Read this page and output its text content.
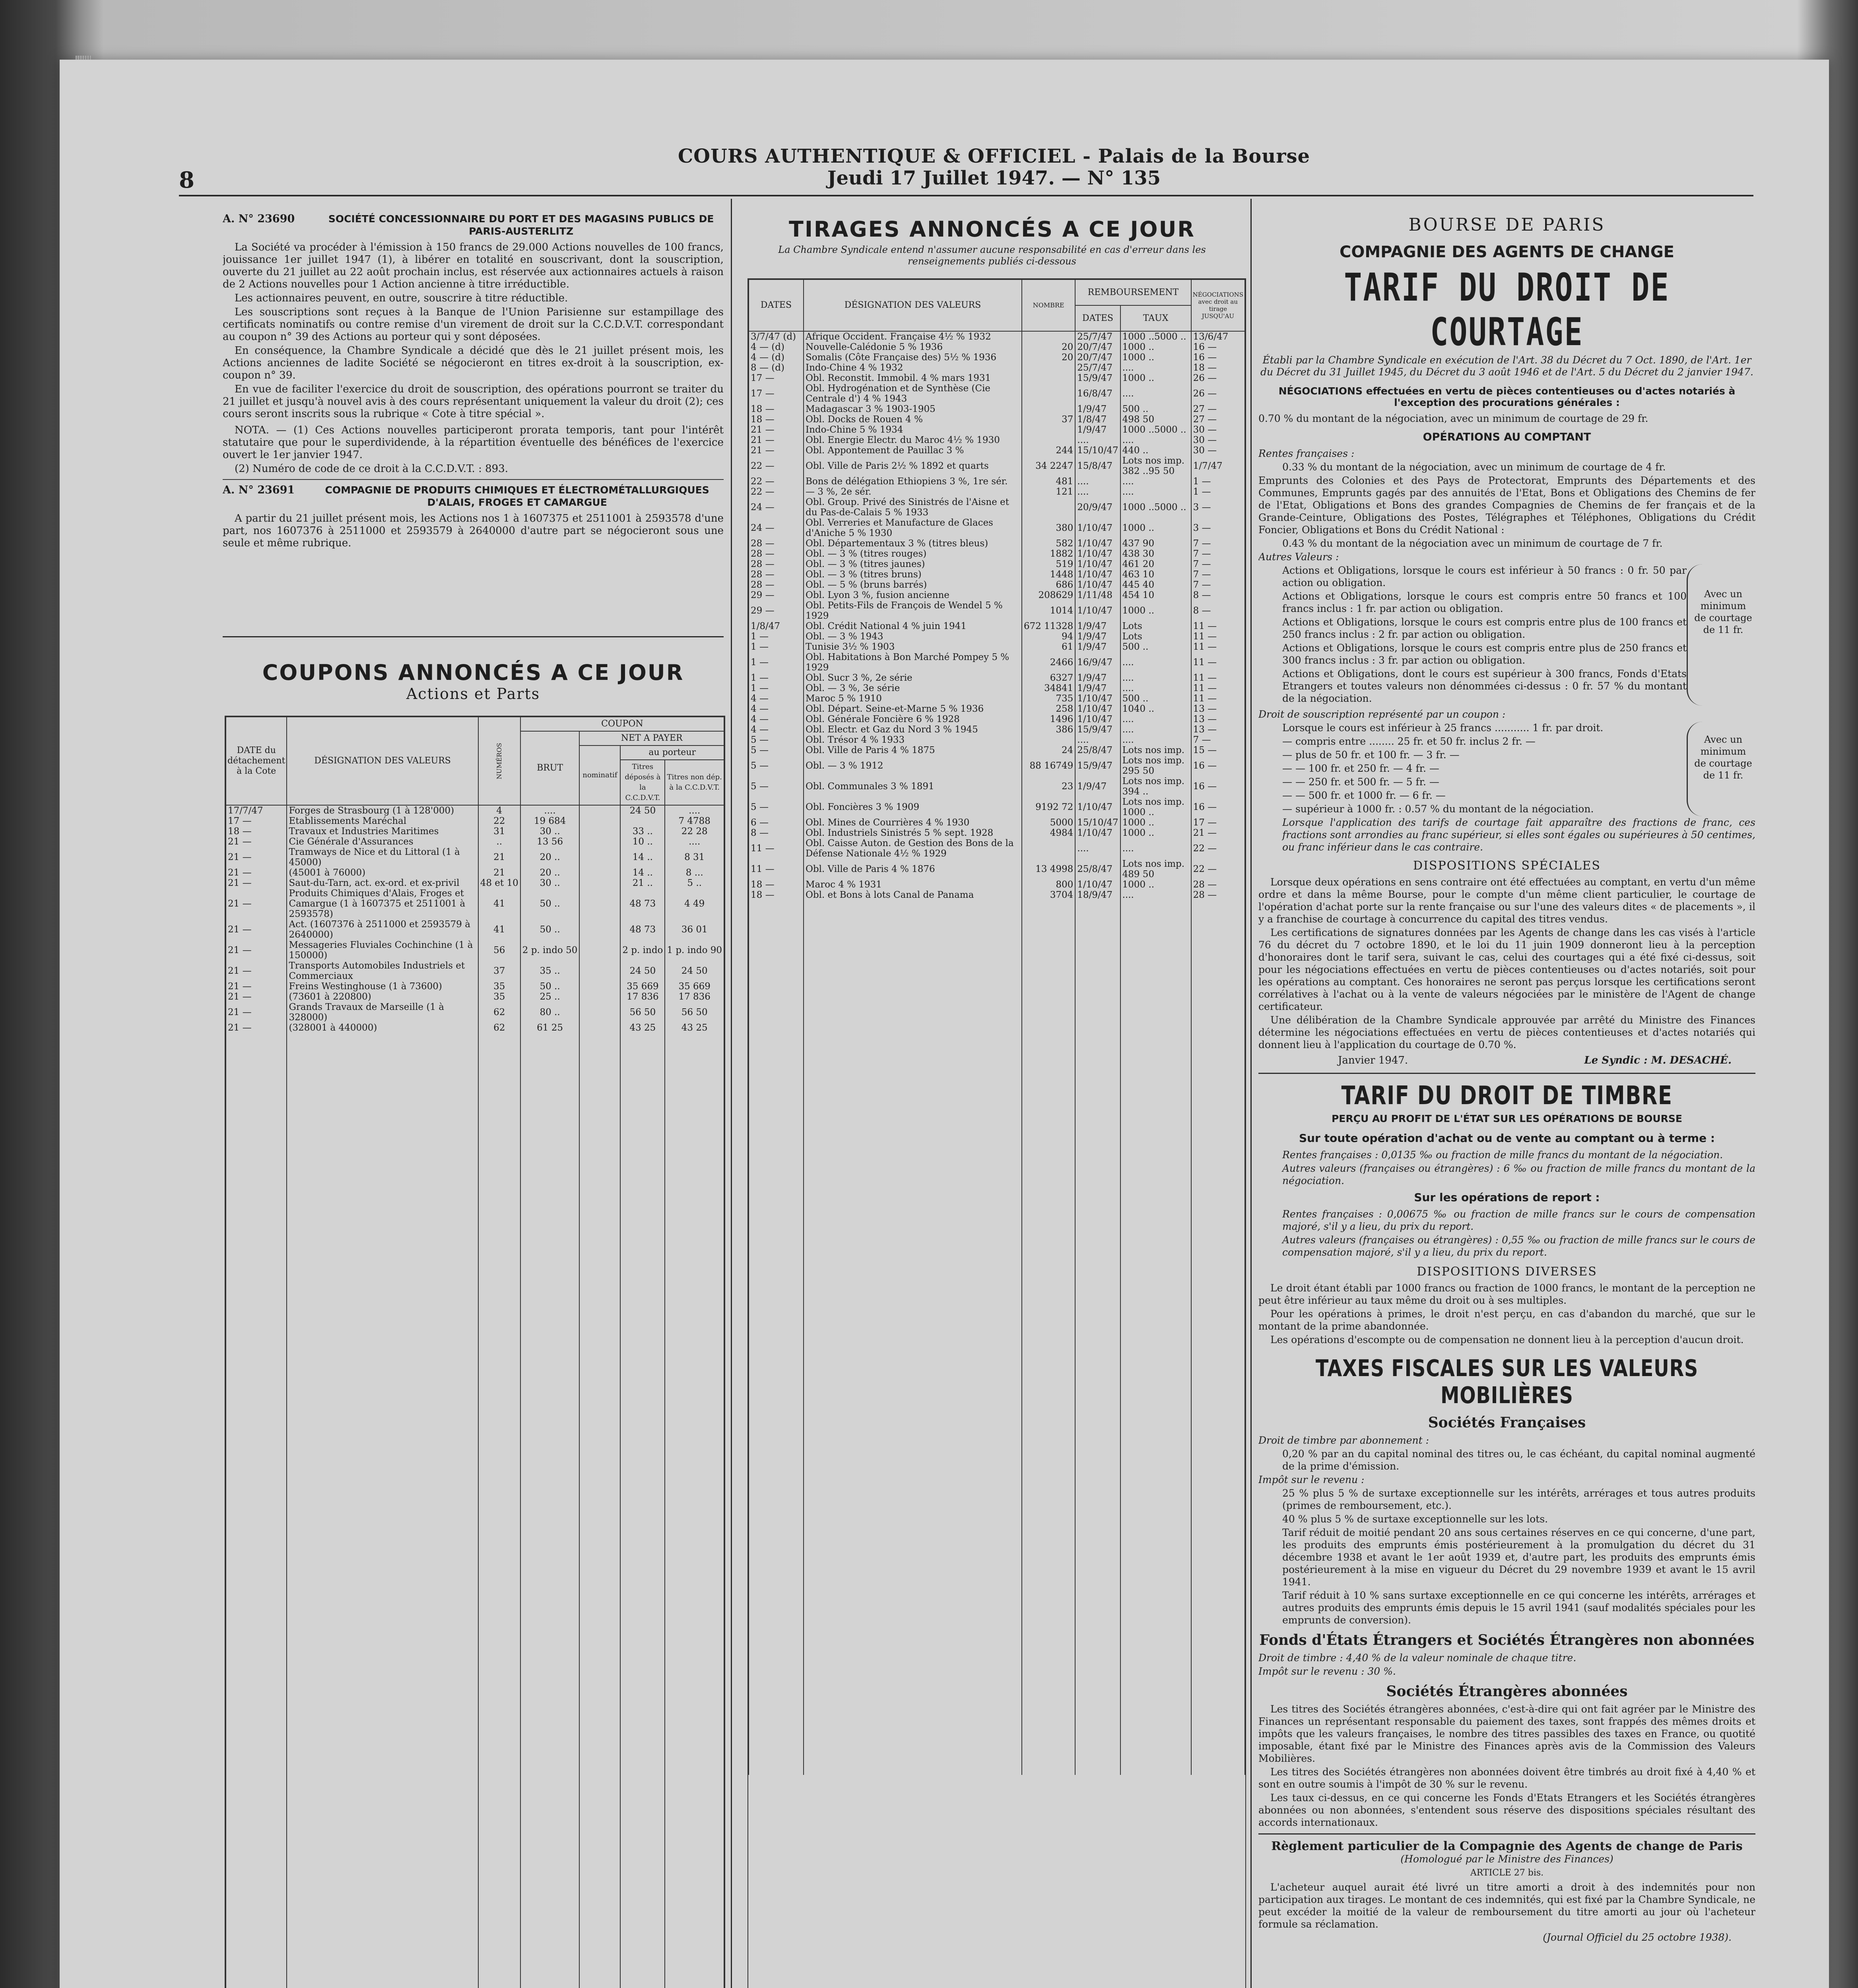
8
COURS AUTHENTIQUE & OFFICIEL - Palais de la Bourse
Jeudi 17 Juillet 1947. — N° 135
A. N° 23690	SOCIÉTÉ CONCESSIONNAIRE DU PORT ET DES MAGASINS PUBLICS DE PARIS-AUSTERLITZ

La Société va procéder à l'émission à 150 francs de 29.000 Actions nouvelles de 100 francs, jouissance 1er juillet 1947 (1), à libérer en totalité en souscrivant, dont la souscription, ouverte du 21 juillet au 22 août prochain inclus, est réservée aux actionnaires actuels à raison de 2 Actions nouvelles pour 1 Action ancienne à titre irréductible.

Les actionnaires peuvent, en outre, souscrire à titre réductible.

Les souscriptions sont reçues à la Banque de l'Union Parisienne sur estampillage des certificats nominatifs ou contre remise d'un virement de droit sur la C.C.D.V.T. correspondant au coupon n° 39 des Actions au porteur qui y sont déposées.

En conséquence, la Chambre Syndicale a décidé que dès le 21 juillet présent mois, les Actions anciennes de ladite Société se négocieront en titres ex-droit à la souscription, ex-coupon n° 39.

En vue de faciliter l'exercice du droit de souscription, des opérations pourront se traiter du 21 juillet et jusqu'à nouvel avis à des cours représentant uniquement la valeur du droit (2); ces cours seront inscrits sous la rubrique « Cote à titre spécial ».

NOTA. — (1) Ces Actions nouvelles participeront prorata temporis, tant pour l'intérêt statutaire que pour le superdividende, à la répartition éventuelle des bénéfices de l'exercice ouvert le 1er janvier 1947.

(2) Numéro de code de ce droit à la C.C.D.V.T. : 893.

A. N° 23691	COMPAGNIE DE PRODUITS CHIMIQUES ET ÉLECTROMÉTALLURGIQUES D'ALAIS, FROGES ET CAMARGUE

A partir du 21 juillet présent mois, les Actions nos 1 à 1607375 et 2511001 à 2593578 d'une part, nos 1607376 à 2511000 et 2593579 à 2640000 d'autre part se négocieront sous une seule et même rubrique.

COUPONS ANNONCÉS A CE JOUR
Actions et Parts
DATE du détachement à la Cote	DÉSIGNATION DES VALEURS	NUMÉROS	COUPON			
			BRUT	NET A PAYER		
				nominatif	au porteur	
					Titres déposés à la C.C.D.V.T.	Titres non dép. à la C.C.D.V.T.
17/7/47	Forges de Strasbourg (1 à 128'000)	4	....		24 50	....
17 —	Etablissements Maréchal	22	19 684			7 4788
18 —	Travaux et Industries Maritimes	31	30 ..		33 ..	22 28
21 —	Cie Générale d'Assurances	..	13 56		10 ..	....
21 —	Tramways de Nice et du Littoral (1 à 45000)	21	20 ..		14 ..	8 31
21 —	(45001 à 76000)	21	20 ..		14 ..	8 ...
21 —	Saut-du-Tarn, act. ex-ord. et ex-privil	48 et 10	30 ..		21 ..	5 ..
21 —	Produits Chimiques d'Alais, Froges et Camargue (1 à 1607375 et 2511001 à 2593578)	41	50 ..		48 73	4 49
21 —	Act. (1607376 à 2511000 et 2593579 à 2640000)	41	50 ..		48 73	36 01
21 —	Messageries Fluviales Cochinchine (1 à 150000)	56	2 p. indo 50		2 p. indo	1 p. indo 90
21 —	Transports Automobiles Industriels et Commerciaux	37	35 ..		24 50	24 50
21 —	Freins Westinghouse (1 à 73600)	35	50 ..		35 669	35 669
21 —	(73601 à 220800)	35	25 ..		17 836	17 836
21 —	Grands Travaux de Marseille (1 à 328000)	62	80 ..		56 50	56 50
21 —	(328001 à 440000)	62	61 25		43 25	43 25

TIRAGES ANNONCÉS A CE JOUR
La Chambre Syndicale entend n'assumer aucune responsabilité en cas d'erreur dans les renseignements publiés ci-dessous
DATES	DÉSIGNATION DES VALEURS	NOMBRE	REMBOURSEMENT		NÉGOCIATIONS avec droit au tirage JUSQU'AU
			DATES	TAUX	
3/7/47 (d)	Afrique Occident. Française 4½ % 1932		25/7/47	1000 ..5000 ..	13/6/47
4 — (d)	Nouvelle-Calédonie 5 % 1936	20	20/7/47	1000 ..	16 —
4 — (d)	Somalis (Côte Française des) 5½ % 1936	20	20/7/47	1000 ..	16 —
8 — (d)	Indo-Chine 4 % 1932		25/7/47	....	18 —
17 —	Obl. Reconstit. Immobil. 4 % mars 1931		15/9/47	1000 ..	26 —
17 —	Obl. Hydrogénation et de Synthèse (Cie Centrale d') 4 % 1943		16/8/47	....	26 —
18 —	Madagascar 3 % 1903-1905		1/9/47	500 ..	27 —
18 —	Obl. Docks de Rouen 4 %	37	1/8/47	498 50	27 —
21 —	Indo-Chine 5 % 1934		1/9/47	1000 ..5000 ..	30 —
21 —	Obl. Energie Electr. du Maroc 4½ % 1930		....	....	30 —
21 —	Obl. Appontement de Pauillac 3 %	244	15/10/47	440 ..	30 —
22 —	Obl. Ville de Paris 2½ % 1892 et quarts	34 2247	15/8/47	Lots nos imp. 382 ..95 50	1/7/47
22 —	Bons de délégation Ethiopiens 3 %, 1re sér.	481	....	....	1 —
22 —	— 3 %, 2e sér.	121	....	....	1 —
24 —	Obl. Group. Privé des Sinistrés de l'Aisne et du Pas-de-Calais 5 % 1933		20/9/47	1000 ..5000 ..	3 —
24 —	Obl. Verreries et Manufacture de Glaces d'Aniche 5 % 1930	380	1/10/47	1000 ..	3 —
28 —	Obl. Départementaux 3 % (titres bleus)	582	1/10/47	437 90	7 —
28 —	Obl. — 3 % (titres rouges)	1882	1/10/47	438 30	7 —
28 —	Obl. — 3 % (titres jaunes)	519	1/10/47	461 20	7 —
28 —	Obl. — 3 % (titres bruns)	1448	1/10/47	463 10	7 —
28 —	Obl. — 5 % (bruns barrés)	686	1/10/47	445 40	7 —
29 —	Obl. Lyon 3 %, fusion ancienne	208629	1/11/48	454 10	8 —
29 —	Obl. Petits-Fils de François de Wendel 5 % 1929	1014	1/10/47	1000 ..	8 —
1/8/47	Obl. Crédit National 4 % juin 1941	672 11328	1/9/47	Lots	11 —
1 —	Obl. — 3 % 1943	94	1/9/47	Lots	11 —
1 —	Tunisie 3½ % 1903	61	1/9/47	500 ..	11 —
1 —	Obl. Habitations à Bon Marché Pompey 5 % 1929	2466	16/9/47	....	11 —
1 —	Obl. Sucr 3 %, 2e série	6327	1/9/47	....	11 —
1 —	Obl. — 3 %, 3e série	34841	1/9/47	....	11 —
4 —	Maroc 5 % 1910	735	1/10/47	500 ..	11 —
4 —	Obl. Départ. Seine-et-Marne 5 % 1936	258	1/10/47	1040 ..	13 —
4 —	Obl. Générale Foncière 6 % 1928	1496	1/10/47	....	13 —
4 —	Obl. Electr. et Gaz du Nord 3 % 1945	386	15/9/47	....	13 —
5 —	Obl. Trésor 4 % 1933		....	....	7 —
5 —	Obl. Ville de Paris 4 % 1875	24	25/8/47	Lots nos imp.	15 —
5 —	Obl. — 3 % 1912	88 16749	15/9/47	Lots nos imp. 295 50	16 —
5 —	Obl. Communales 3 % 1891	23	1/9/47	Lots nos imp. 394 ..	16 —
5 —	Obl. Foncières 3 % 1909	9192 72	1/10/47	Lots nos imp. 1000 ..	16 —
6 —	Obl. Mines de Courrières 4 % 1930	5000	15/10/47	1000 ..	17 —
8 —	Obl. Industriels Sinistrés 5 % sept. 1928	4984	1/10/47	1000 ..	21 —
11 —	Obl. Caisse Auton. de Gestion des Bons de la Défense Nationale 4½ % 1929		....	....	22 —
11 —	Obl. Ville de Paris 4 % 1876	13 4998	25/8/47	Lots nos imp. 489 50	22 —
18 —	Maroc 4 % 1931	800	1/10/47	1000 ..	28 —
18 —	Obl. et Bons à lots Canal de Panama	3704	18/9/47	....	28 —

BOURSE DE PARIS
COMPAGNIE DES AGENTS DE CHANGE
TARIF DU DROIT DE COURTAGE
Établi par la Chambre Syndicale en exécution de l'Art. 38 du Décret du 7 Oct. 1890, de l'Art. 1er du Décret du 31 Juillet 1945, du Décret du 3 août 1946 et de l'Art. 5 du Décret du 2 janvier 1947.
NÉGOCIATIONS effectuées en vertu de pièces contentieuses ou d'actes notariés à l'exception des procurations générales :
0.70 % du montant de la négociation, avec un minimum de courtage de 29 fr.
OPÉRATIONS AU COMPTANT
Rentes françaises :
0.33 % du montant de la négociation, avec un minimum de courtage de 4 fr.
Emprunts des Colonies et des Pays de Protectorat, Emprunts des Départements et des Communes, Emprunts gagés par des annuités de l'Etat, Bons et Obligations des Chemins de fer de l'Etat, Obligations et Bons des grandes Compagnies de Chemins de fer français et de la Grande-Ceinture, Obligations des Postes, Télégraphes et Téléphones, Obligations du Crédit Foncier, Obligations et Bons du Crédit National :
0.43 % du montant de la négociation avec un minimum de courtage de 7 fr.
Autres Valeurs :
Actions et Obligations, lorsque le cours est inférieur à 50 francs : 0 fr. 50 par action ou obligation.
Actions et Obligations, lorsque le cours est compris entre 50 francs et 100 francs inclus : 1 fr. par action ou obligation.
Actions et Obligations, lorsque le cours est compris entre plus de 100 francs et 250 francs inclus : 2 fr. par action ou obligation.
Actions et Obligations, lorsque le cours est compris entre plus de 250 francs et 300 francs inclus : 3 fr. par action ou obligation.
Actions et Obligations, dont le cours est supérieur à 300 francs, Fonds d'Etats Etrangers et toutes valeurs non dénommées ci-dessus : 0 fr. 57 % du montant de la négociation.
Avec un minimum de courtage de 11 fr.
Droit de souscription représenté par un coupon :
Lorsque le cours est inférieur à 25 francs ........... 1 fr. par droit.
— compris entre ........ 25 fr. et 50 fr. inclus 2 fr. —
— plus de 50 fr. et 100 fr. — 3 fr. —
— — 100 fr. et 250 fr. — 4 fr. —
— — 250 fr. et 500 fr. — 5 fr. —
— — 500 fr. et 1000 fr. — 6 fr. —
— supérieur à 1000 fr. : 0.57 % du montant de la négociation.
Avec un minimum de courtage de 11 fr.
Lorsque l'application des tarifs de courtage fait apparaître des fractions de franc, ces fractions sont arrondies au franc supérieur, si elles sont égales ou supérieures à 50 centimes, ou franc inférieur dans le cas contraire.
DISPOSITIONS SPÉCIALES

Lorsque deux opérations en sens contraire ont été effectuées au comptant, en vertu d'un même ordre et dans la même Bourse, pour le compte d'un même client particulier, le courtage de l'opération d'achat porte sur la rente française ou sur l'une des valeurs dites « de placements », il y a franchise de courtage à concurrence du capital des titres vendus.

Les certifications de signatures données par les Agents de change dans les cas visés à l'article 76 du décret du 7 octobre 1890, et le loi du 11 juin 1909 donneront lieu à la perception d'honoraires dont le tarif sera, suivant le cas, celui des courtages qui a été fixé ci-dessus, soit pour les négociations effectuées en vertu de pièces contentieuses ou d'actes notariés, soit pour les opérations au comptant. Ces honoraires ne seront pas perçus lorsque les certifications seront corrélatives à l'achat ou à la vente de valeurs négociées par le ministère de l'Agent de change certificateur.

Une délibération de la Chambre Syndicale approuvée par arrêté du Ministre des Finances détermine les négociations effectuées en vertu de pièces contentieuses et d'actes notariés qui donnent lieu à l'application du courtage de 0.70 %.

Janvier 1947.	Le Syndic : M. DESACHÉ.
TARIF DU DROIT DE TIMBRE
PERÇU AU PROFIT DE L'ÉTAT SUR LES OPÉRATIONS DE BOURSE
Sur toute opération d'achat ou de vente au comptant ou à terme :
Rentes françaises : 0,0135 ‰ ou fraction de mille francs du montant de la négociation.
Autres valeurs (françaises ou étrangères) : 6 ‰ ou fraction de mille francs du montant de la négociation.
Sur les opérations de report :
Rentes françaises : 0,00675 ‰ ou fraction de mille francs sur le cours de compensation majoré, s'il y a lieu, du prix du report.
Autres valeurs (françaises ou étrangères) : 0,55 ‰ ou fraction de mille francs sur le cours de compensation majoré, s'il y a lieu, du prix du report.
DISPOSITIONS DIVERSES

Le droit étant établi par 1000 francs ou fraction de 1000 francs, le montant de la perception ne peut être inférieur au taux même du droit ou à ses multiples.

Pour les opérations à primes, le droit n'est perçu, en cas d'abandon du marché, que sur le montant de la prime abandonnée.

Les opérations d'escompte ou de compensation ne donnent lieu à la perception d'aucun droit.

TAXES FISCALES SUR LES VALEURS MOBILIÈRES
Sociétés Françaises
Droit de timbre par abonnement :
0,20 % par an du capital nominal des titres ou, le cas échéant, du capital nominal augmenté de la prime d'émission.
Impôt sur le revenu :
25 % plus 5 % de surtaxe exceptionnelle sur les intérêts, arrérages et tous autres produits (primes de remboursement, etc.).
40 % plus 5 % de surtaxe exceptionnelle sur les lots.
Tarif réduit de moitié pendant 20 ans sous certaines réserves en ce qui concerne, d'une part, les produits des emprunts émis postérieurement à la promulgation du décret du 31 décembre 1938 et avant le 1er août 1939 et, d'autre part, les produits des emprunts émis postérieurement à la mise en vigueur du Décret du 29 novembre 1939 et avant le 15 avril 1941.
Tarif réduit à 10 % sans surtaxe exceptionnelle en ce qui concerne les intérêts, arrérages et autres produits des emprunts émis depuis le 15 avril 1941 (sauf modalités spéciales pour les emprunts de conversion).
Fonds d'États Étrangers et Sociétés Étrangères non abonnées
Droit de timbre : 4,40 % de la valeur nominale de chaque titre.
Impôt sur le revenu : 30 %.
Sociétés Étrangères abonnées

Les titres des Sociétés étrangères abonnées, c'est-à-dire qui ont fait agréer par le Ministre des Finances un représentant responsable du paiement des taxes, sont frappés des mêmes droits et impôts que les valeurs françaises, le nombre des titres passibles des taxes en France, ou quotité imposable, étant fixé par le Ministre des Finances après avis de la Commission des Valeurs Mobilières.

Les titres des Sociétés étrangères non abonnées doivent être timbrés au droit fixé à 4,40 % et sont en outre soumis à l'impôt de 30 % sur le revenu.

Les taux ci-dessus, en ce qui concerne les Fonds d'Etats Etrangers et les Sociétés étrangères abonnées ou non abonnées, s'entendent sous réserve des dispositions spéciales résultant des accords internationaux.

Règlement particulier de la Compagnie des Agents de change de Paris
(Homologué par le Ministre des Finances)
ARTICLE 27 bis.

L'acheteur auquel aurait été livré un titre amorti a droit à des indemnités pour non participation aux tirages. Le montant de ces indemnités, qui est fixé par la Chambre Syndicale, ne peut excéder la moitié de la valeur de remboursement du titre amorti au jour où l'acheteur formule sa réclamation.

(Journal Officiel du 25 octobre 1938).
